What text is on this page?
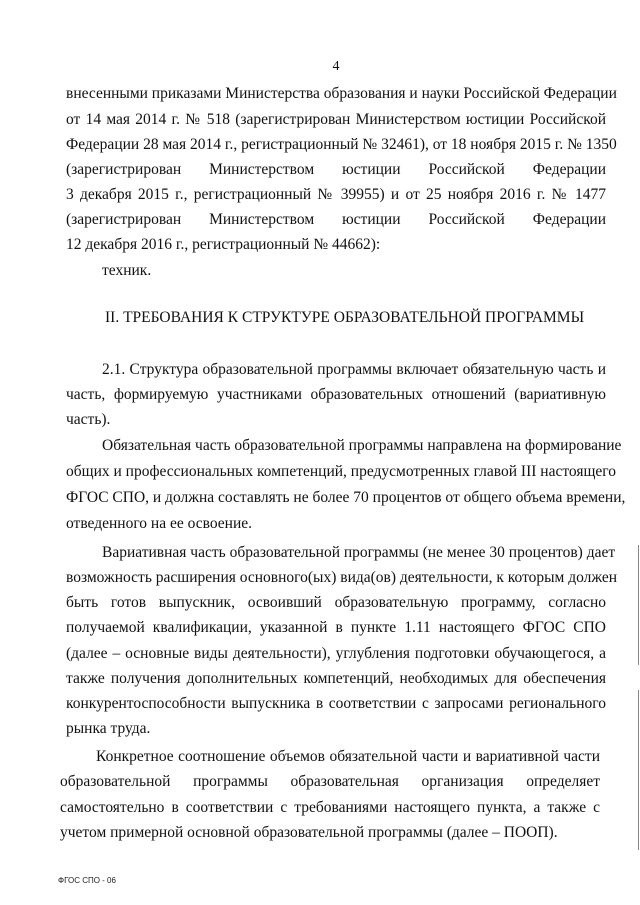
4

внесенными приказами Министерства образования и науки Российской Федерации

от 14 мая 2014 г. № 518 (зарегистрирован Министерством юстиции Российской

Федерации 28 мая 2014 г., регистрационный № 32461), от 18 ноября 2015 г. № 1350

(зарегистрирован Министерством юстиции Российской Федерации

3 декабря 2015 г., регистрационный № 39955) и от 25 ноября 2016 г. № 1477

(зарегистрирован Министерством юстиции Российской Федерации

12 декабря 2016 г., регистрационный № 44662):

техник.

II. ТРЕБОВАНИЯ К СТРУКТУРЕ ОБРАЗОВАТЕЛЬНОЙ ПРОГРАММЫ

2.1. Структура образовательной программы включает обязательную часть и

часть, формируемую участниками образовательных отношений (вариативную

часть).

Обязательная часть образовательной программы направлена на формирование

общих и профессиональных компетенций, предусмотренных главой III настоящего

ФГОС СПО, и должна составлять не более 70 процентов от общего объема времени,

отведенного на ее освоение.

Вариативная часть образовательной программы (не менее 30 процентов) дает

возможность расширения основного(ых) вида(ов) деятельности, к которым должен

быть готов выпускник, освоивший образовательную программу, согласно

получаемой квалификации, указанной в пункте 1.11 настоящего ФГОС СПО

(далее – основные виды деятельности), углубления подготовки обучающегося, а

также получения дополнительных компетенций, необходимых для обеспечения

конкурентоспособности выпускника в соответствии с запросами регионального

рынка труда.

Конкретное соотношение объемов обязательной части и вариативной части

образовательной программы образовательная организация определяет

самостоятельно в соответствии с требованиями настоящего пункта, а также с

учетом примерной основной образовательной программы (далее – ПООП).

ФГОС СПО - 06
